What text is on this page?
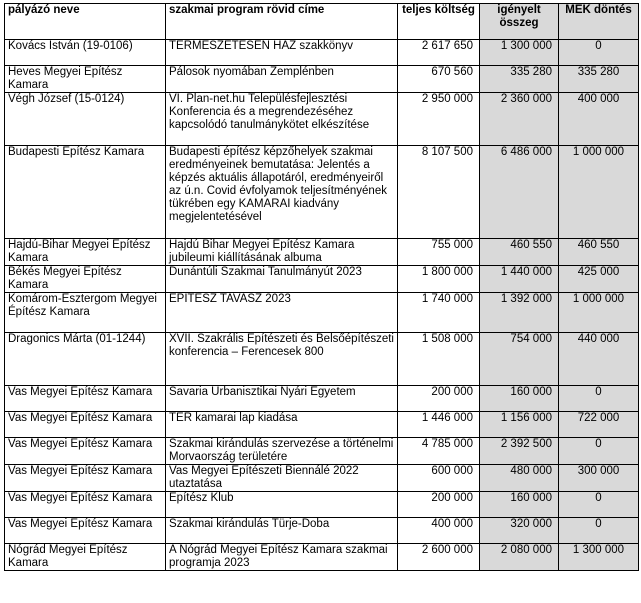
pályázó neve	szakmai program rövid címe	teljes költség	igényelt összeg	MÉK döntés
Kovács István (19-0106)	TERMÉSZETESEN HÁZ szakkönyv	2 617 650	1 300 000	0
Heves Megyei Építész Kamara	Pálosok nyomában Zemplénben	670 560	335 280	335 280
Végh József (15-0124)	VI. Plan-net.hu Településfejlesztési Konferencia és a megrendezéséhez kapcsolódó tanulmánykötet elkészítése	2 950 000	2 360 000	400 000
Budapesti Építész Kamara	Budapesti építész képzőhelyek szakmai eredményeinek bemutatása: Jelentés a képzés aktuális állapotáról, eredményeiről az ú.n. Covid évfolyamok teljesítményének tükrében egy KAMARAI kiadvány megjelentetésével	8 107 500	6 486 000	1 000 000
Hajdú-Bihar Megyei Építész Kamara	Hajdú Bihar Megyei Építész Kamara jubileumi kiállításának albuma	755 000	460 550	460 550
Békés Megyei Építész Kamara	Dunántúli Szakmai Tanulmányút 2023	1 800 000	1 440 000	425 000
Komárom-Esztergom Megyei Építész Kamara	ÉPÍTÉSZ TAVASZ 2023	1 740 000	1 392 000	1 000 000
Dragonics Márta (01-1244)	XVII. Szakrális Építészeti és Belsőépítészeti konferencia – Ferencesek 800	1 508 000	754 000	440 000
Vas Megyei Építész Kamara	Savaria Urbanisztikai Nyári Egyetem	200 000	160 000	0
Vas Megyei Építész Kamara	TÉR kamarai lap kiadása	1 446 000	1 156 000	722 000
Vas Megyei Építész Kamara	Szakmai kirándulás szervezése a történelmi Morvaország területére	4 785 000	2 392 500	0
Vas Megyei Építész Kamara	Vas Megyei Építészeti Biennálé 2022 utaztatása	600 000	480 000	300 000
Vas Megyei Építész Kamara	Építész Klub	200 000	160 000	0
Vas Megyei Építész Kamara	Szakmai kirándulás Türje-Doba	400 000	320 000	0
Nógrád Megyei Építész Kamara	A Nógrád Megyei Építész Kamara szakmai programja 2023	2 600 000	2 080 000	1 300 000
